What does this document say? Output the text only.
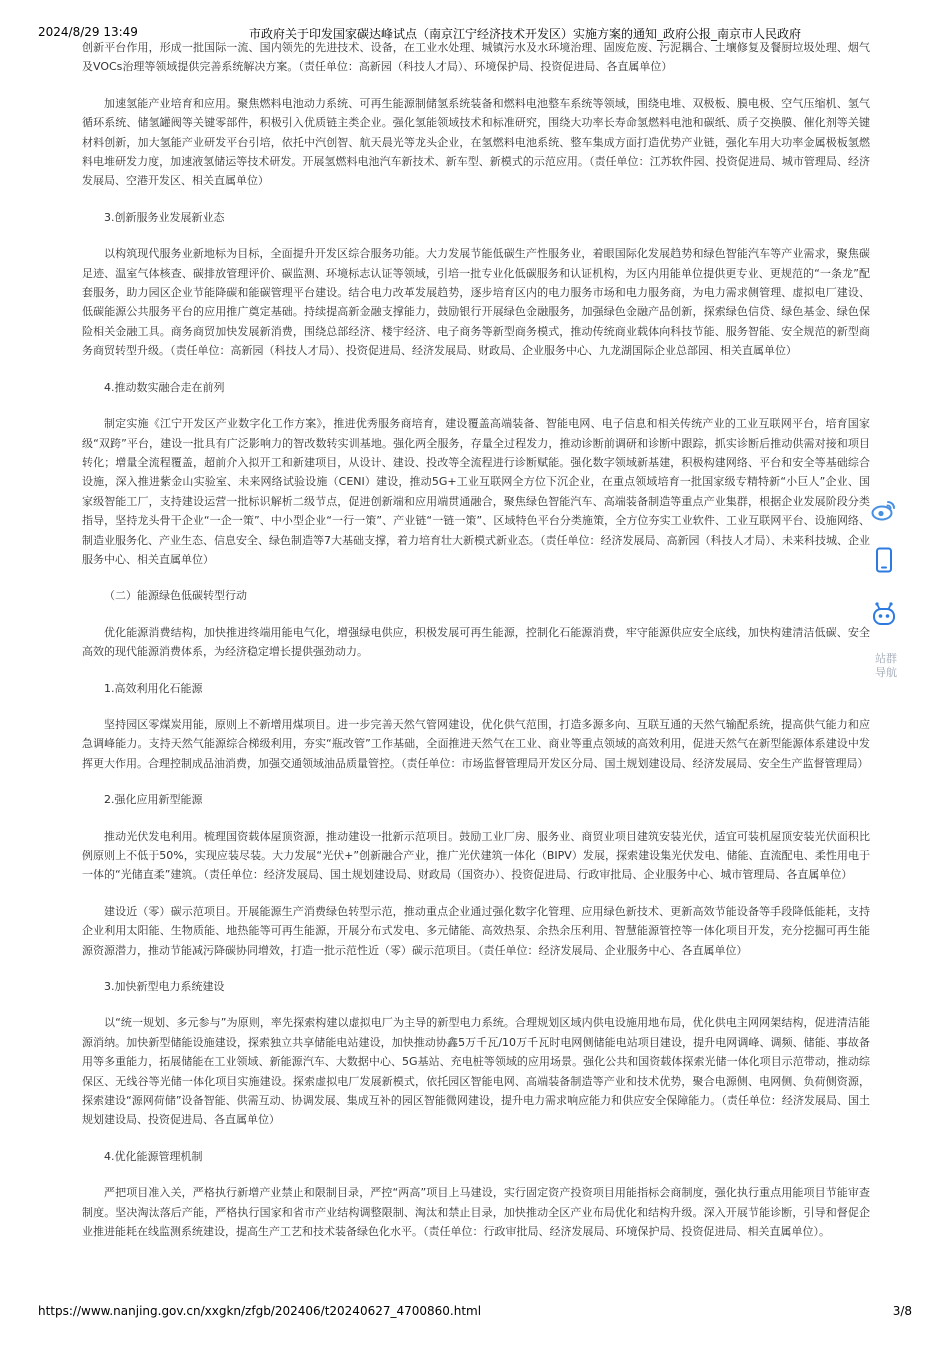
2024/8/29 13:49	市政府关于印发国家碳达峰试点（南京江宁经济技术开发区）实施方案的通知_政府公报_南京市人民政府

创新平台作用，形成一批国际一流、国内领先的先进技术、设备，在工业水处理、城镇污水及水环境治理、固废危废、污泥耦合、土壤修复及餐厨垃圾处理、烟气及VOCs治理等领域提供完善系统解决方案。（责任单位：高新园（科技人才局）、环境保护局、投资促进局、各直属单位）

加速氢能产业培育和应用。聚焦燃料电池动力系统、可再生能源制储氢系统装备和燃料电池整车系统等领域，围绕电堆、双极板、膜电极、空气压缩机、氢气循环系统、储氢罐阀等关键零部件，积极引入优质链主类企业。强化氢能领域技术和标准研究，围绕大功率长寿命氢燃料电池和碳纸、质子交换膜、催化剂等关键材料创新，加大氢能产业研发平台引培，依托中汽创智、航天晨光等龙头企业，在氢燃料电池系统、整车集成方面打造优势产业链，强化车用大功率金属极板氢燃料电堆研发力度，加速液氢储运等技术研发。开展氢燃料电池汽车新技术、新车型、新模式的示范应用。（责任单位：江苏软件园、投资促进局、城市管理局、经济发展局、空港开发区、相关直属单位）

3.创新服务业发展新业态

以构筑现代服务业新地标为目标，全面提升开发区综合服务功能。大力发展节能低碳生产性服务业，着眼国际化发展趋势和绿色智能汽车等产业需求，聚焦碳足迹、温室气体核查、碳排放管理评价、碳监测、环境标志认证等领域，引培一批专业化低碳服务和认证机构，为区内用能单位提供更专业、更规范的“一条龙”配套服务，助力园区企业节能降碳和能碳管理平台建设。结合电力改革发展趋势，逐步培育区内的电力服务市场和电力服务商，为电力需求侧管理、虚拟电厂建设、低碳能源公共服务平台的应用推广奠定基础。持续提高新金融支撑能力，鼓励银行开展绿色金融服务，加强绿色金融产品创新，探索绿色信贷、绿色基金、绿色保险相关金融工具。商务商贸加快发展新消费，围绕总部经济、楼宇经济、电子商务等新型商务模式，推动传统商业载体向科技节能、服务智能、安全规范的新型商务商贸转型升级。（责任单位：高新园（科技人才局）、投资促进局、经济发展局、财政局、企业服务中心、九龙湖国际企业总部园、相关直属单位）

4.推动数实融合走在前列

制定实施《江宁开发区产业数字化工作方案》，推进优秀服务商培育，建设覆盖高端装备、智能电网、电子信息和相关传统产业的工业互联网平台，培育国家级“双跨”平台，建设一批具有广泛影响力的智改数转实训基地。强化两全服务，存量全过程发力，推动诊断前调研和诊断中跟踪，抓实诊断后推动供需对接和项目转化；增量全流程覆盖，超前介入拟开工和新建项目，从设计、建设、投改等全流程进行诊断赋能。强化数字领域新基建，积极构建网络、平台和安全等基础综合设施，深入推进紫金山实验室、未来网络试验设施（CENI）建设，推动5G+工业互联网全方位下沉企业，在重点领域培育一批国家级专精特新“小巨人”企业、国家级智能工厂，支持建设运营一批标识解析二级节点，促进创新端和应用端贯通融合，聚焦绿色智能汽车、高端装备制造等重点产业集群，根据企业发展阶段分类指导，坚持龙头骨干企业“一企一策”、中小型企业“一行一策”、产业链“一链一策”、区域特色平台分类施策，全方位夯实工业软件、工业互联网平台、设施网络、制造业服务化、产业生态、信息安全、绿色制造等7大基础支撑，着力培育壮大新模式新业态。（责任单位：经济发展局、高新园（科技人才局）、未来科技城、企业服务中心、相关直属单位）

（二）能源绿色低碳转型行动

优化能源消费结构，加快推进终端用能电气化，增强绿电供应，积极发展可再生能源，控制化石能源消费，牢守能源供应安全底线，加快构建清洁低碳、安全高效的现代能源消费体系，为经济稳定增长提供强劲动力。

1.高效利用化石能源

坚持园区零煤炭用能，原则上不新增用煤项目。进一步完善天然气管网建设，优化供气范围，打造多源多向、互联互通的天然气输配系统，提高供气能力和应急调峰能力。支持天然气能源综合梯级利用，夯实“瓶改管”工作基础，全面推进天然气在工业、商业等重点领域的高效利用，促进天然气在新型能源体系建设中发挥更大作用。合理控制成品油消费，加强交通领域油品质量管控。（责任单位：市场监督管理局开发区分局、国土规划建设局、经济发展局、安全生产监督管理局）

2.强化应用新型能源

推动光伏发电利用。梳理国资载体屋顶资源，推动建设一批新示范项目。鼓励工业厂房、服务业、商贸业项目建筑安装光伏，适宜可装机屋顶安装光伏面积比例原则上不低于50%，实现应装尽装。大力发展“光伏+”创新融合产业，推广光伏建筑一体化（BIPV）发展，探索建设集光伏发电、储能、直流配电、柔性用电于一体的“光储直柔”建筑。（责任单位：经济发展局、国土规划建设局、财政局（国资办）、投资促进局、行政审批局、企业服务中心、城市管理局、各直属单位）

建设近（零）碳示范项目。开展能源生产消费绿色转型示范，推动重点企业通过强化数字化管理、应用绿色新技术、更新高效节能设备等手段降低能耗，支持企业利用太阳能、生物质能、地热能等可再生能源，开展分布式发电、多元储能、高效热泵、余热余压利用、智慧能源管控等一体化项目开发，充分挖掘可再生能源资源潜力，推动节能减污降碳协同增效，打造一批示范性近（零）碳示范项目。（责任单位：经济发展局、企业服务中心、各直属单位）

3.加快新型电力系统建设

以“统一规划、多元参与”为原则，率先探索构建以虚拟电厂为主导的新型电力系统。合理规划区域内供电设施用地布局，优化供电主网网架结构，促进清洁能源消纳。加快新型储能设施建设，探索独立共享储能电站建设，加快推动协鑫5万千瓦/10万千瓦时电网侧储能电站项目建设，提升电网调峰、调频、储能、事故备用等多重能力，拓展储能在工业领域、新能源汽车、大数据中心、5G基站、充电桩等领域的应用场景。强化公共和国资载体探索光储一体化项目示范带动，推动综保区、无线谷等光储一体化项目实施建设。探索虚拟电厂发展新模式，依托园区智能电网、高端装备制造等产业和技术优势，聚合电源侧、电网侧、负荷侧资源，探索建设“源网荷储”设备智能、供需互动、协调发展、集成互补的园区智能微网建设，提升电力需求响应能力和供应安全保障能力。（责任单位：经济发展局、国土规划建设局、投资促进局、各直属单位）

4.优化能源管理机制

严把项目准入关，严格执行新增产业禁止和限制目录，严控“两高”项目上马建设，实行固定资产投资项目用能指标会商制度，强化执行重点用能项目节能审查制度。坚决淘汰落后产能，严格执行国家和省市产业结构调整限制、淘汰和禁止目录，加快推动全区产业布局优化和结构升级。深入开展节能诊断，引导和督促企业推进能耗在线监测系统建设，提高生产工艺和技术装备绿色化水平。（责任单位：行政审批局、经济发展局、环境保护局、投资促进局、相关直属单位）。

站群
导航
https://www.nanjing.gov.cn/xxgkn/zfgb/202406/t20240627_4700860.html	3/8
